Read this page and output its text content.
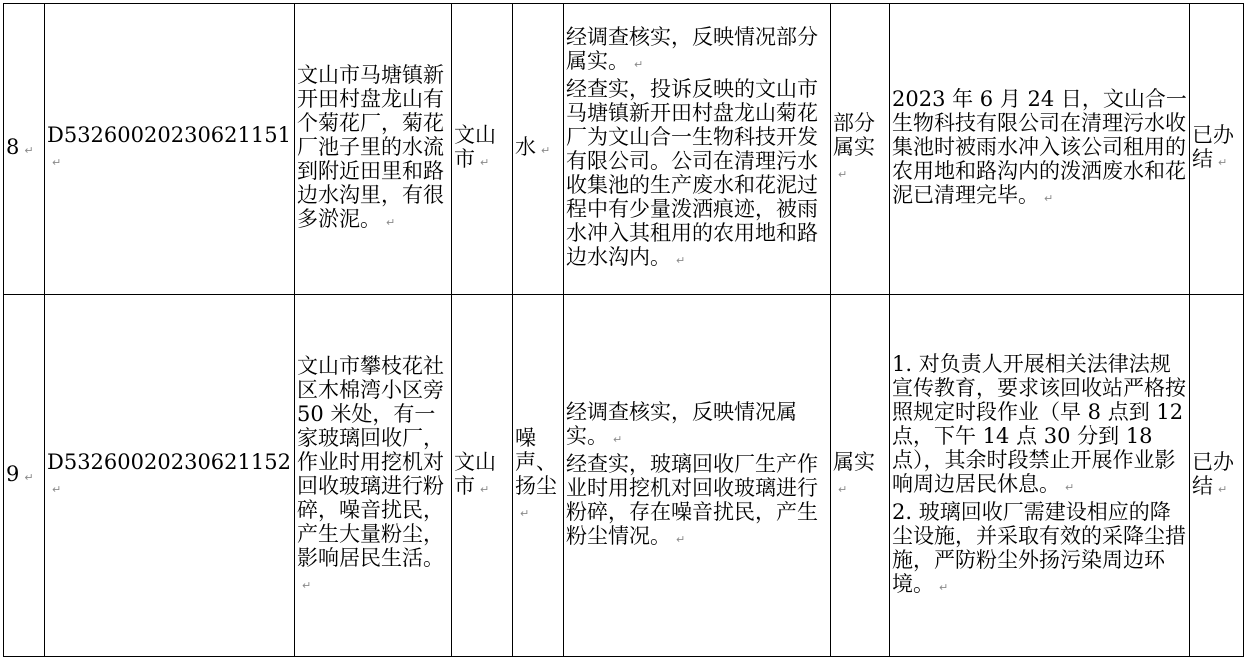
8 ↵	D53260020230621151↵	文山市马塘镇新开田村盘龙山有个菊花厂，菊花厂池子里的水流到附近田里和路边水沟里，有很多淤泥。 ↵	文山市 ↵	水 ↵	经调查核实，反映情况部分属实。 ↵
经查实，投诉反映的文山市马塘镇新开田村盘龙山菊花厂为文山合一生物科技开发有限公司。公司在清理污水收集池的生产废水和花泥过程中有少量泼洒痕迹，被雨水冲入其租用的农用地和路边水沟内。 ↵	部分属实↵	2023 年 6 月 24 日，文山合一生物科技有限公司在清理污水收集池时被雨水冲入该公司租用的农用地和路沟内的泼洒废水和花泥已清理完毕。 ↵	已办结 ↵
9 ↵	D53260020230621152↵	文山市攀枝花社区木棉湾小区旁 50 米处，有一家玻璃回收厂，作业时用挖机对回收玻璃进行粉碎，噪音扰民，产生大量粉尘，影响居民生活。↵	文山市 ↵	噪声、扬尘↵	经调查核实，反映情况属实。 ↵
经查实，玻璃回收厂生产作业时用挖机对回收玻璃进行粉碎，存在噪音扰民，产生粉尘情况。 ↵	属实↵	1. 对负责人开展相关法律法规宣传教育，要求该回收站严格按照规定时段作业（早 8 点到 12 点，下午 14 点 30 分到 18 点），其余时段禁止开展作业影响周边居民休息。 ↵
2. 玻璃回收厂需建设相应的降尘设施，并采取有效的采降尘措施，严防粉尘外扬污染周边环境。 ↵	已办结 ↵
